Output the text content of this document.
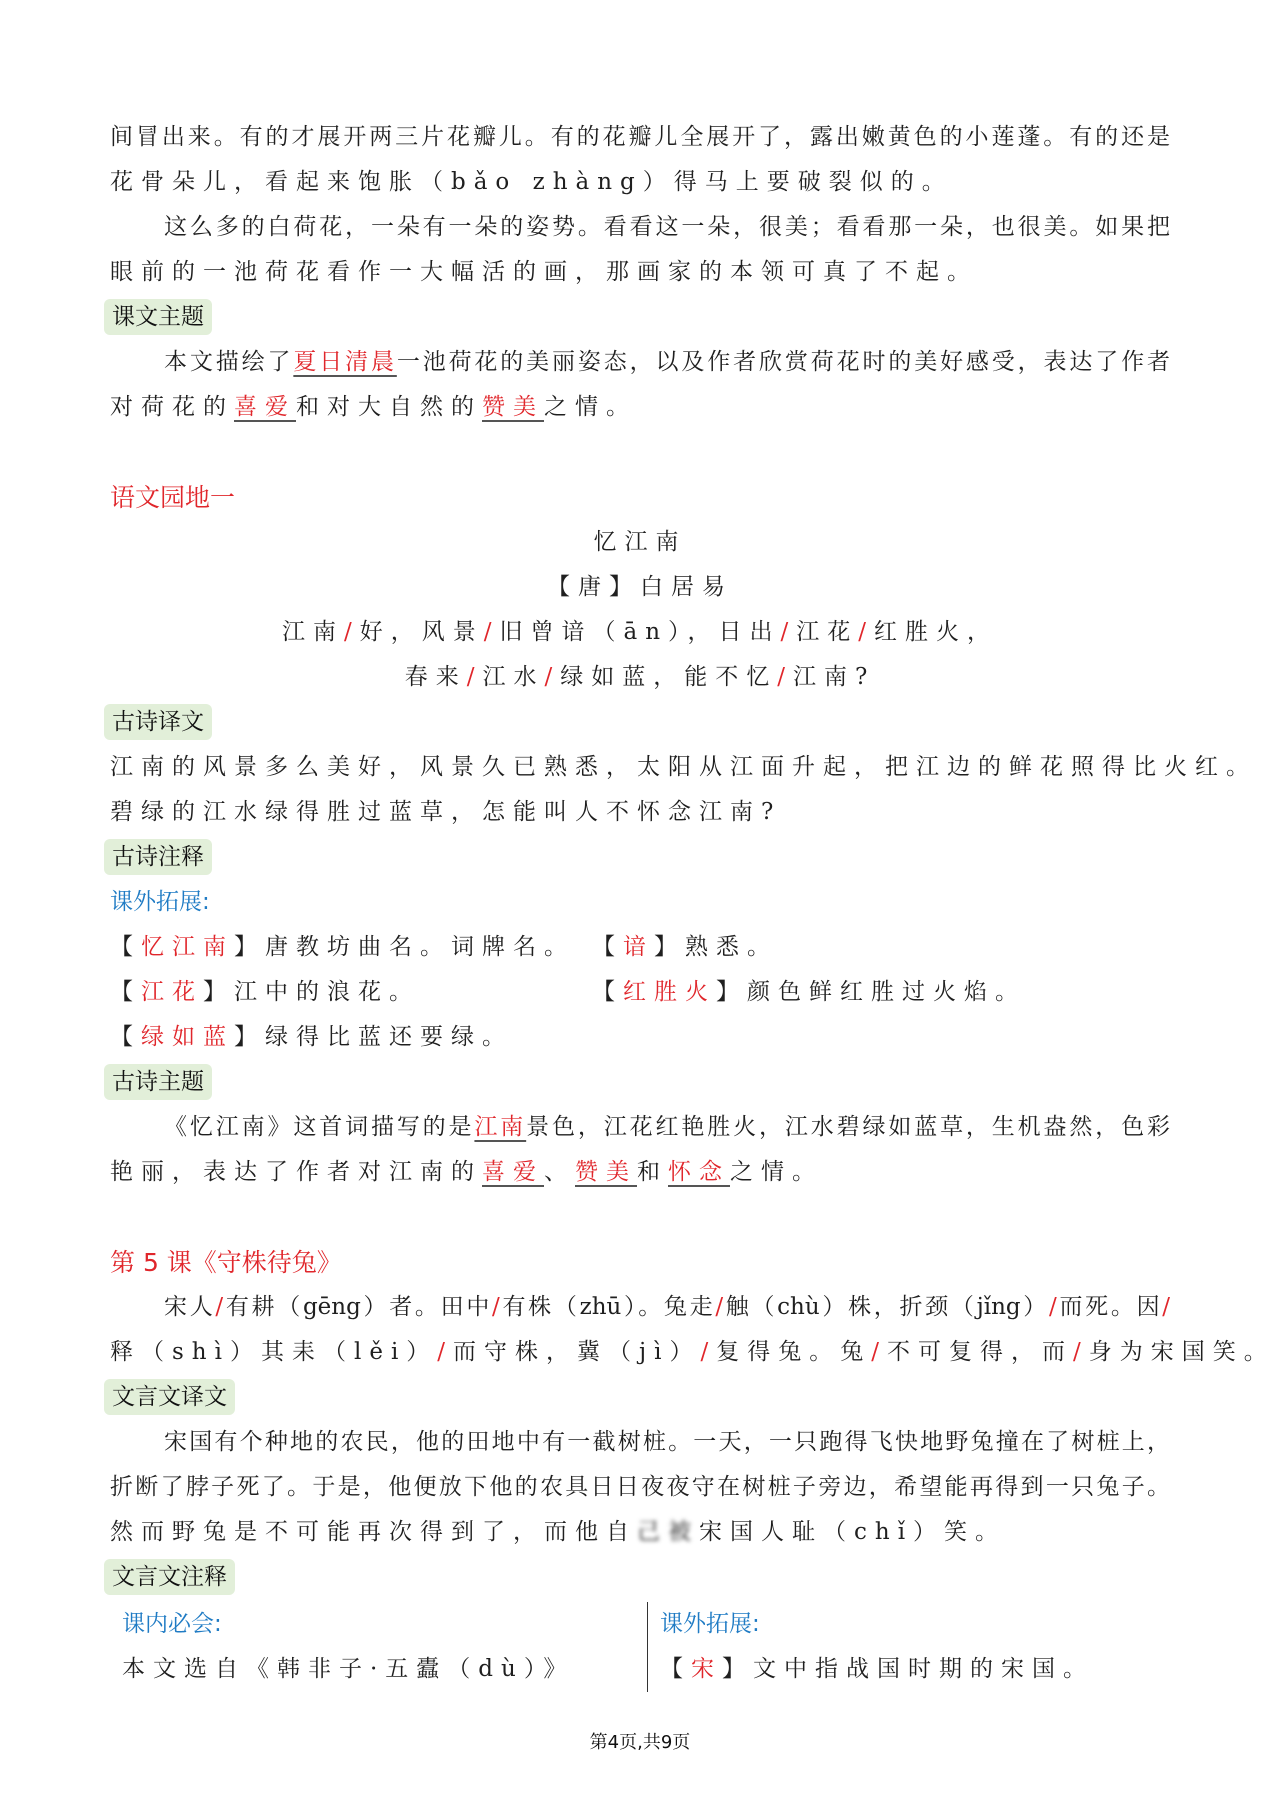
间冒出来。有的才展开两三片花瓣儿。有的花瓣儿全展开了，露出嫩黄色的小莲蓬。有的还是
花骨朵儿，看起来饱胀（bǎo zhàng）得马上要破裂似的。
这么多的白荷花，一朵有一朵的姿势。看看这一朵，很美；看看那一朵，也很美。如果把
眼前的一池荷花看作一大幅活的画，那画家的本领可真了不起。
课文主题
本文描绘了夏日清晨一池荷花的美丽姿态，以及作者欣赏荷花时的美好感受，表达了作者
对荷花的喜爱和对大自然的赞美之情。
语文园地一
忆江南
【唐】白居易
江南/好，风景/旧曾谙（ān），日出/江花/红胜火，
春来/江水/绿如蓝，能不忆/江南?
古诗译文
江南的风景多么美好，风景久已熟悉，太阳从江面升起，把江边的鲜花照得比火红。
碧绿的江水绿得胜过蓝草，怎能叫人不怀念江南?
古诗注释
课外拓展:
【忆江南】唐教坊曲名。词牌名。 【谙】熟悉。
【江花】江中的浪花。	【红胜火】颜色鲜红胜过火焰。
【绿如蓝】绿得比蓝还要绿。
古诗主题
《忆江南》这首词描写的是江南景色，江花红艳胜火，江水碧绿如蓝草，生机盎然，色彩
艳丽，表达了作者对江南的喜爱、赞美和怀念之情。
第 5 课《守株待兔》
宋人/有耕（gēng）者。田中/有株（zhū）。兔走/触（chù）株，折颈（jǐng）/而死。因/
释（shì）其耒（lěi）/而守株，冀（jì）/复得兔。兔/不可复得，而/身为宋国笑。
文言文译文
宋国有个种地的农民，他的田地中有一截树桩。一天，一只跑得飞快地野兔撞在了树桩上，
折断了脖子死了。于是，他便放下他的农具日日夜夜守在树桩子旁边，希望能再得到一只兔子。
然而野兔是不可能再次得到了，而他自己被宋国人耻（chǐ）笑。
文言文注释
课内必会:
本文选自《韩非子·五蠹（dù）》
课外拓展:
【宋】文中指战国时期的宋国。
第4页,共9页
